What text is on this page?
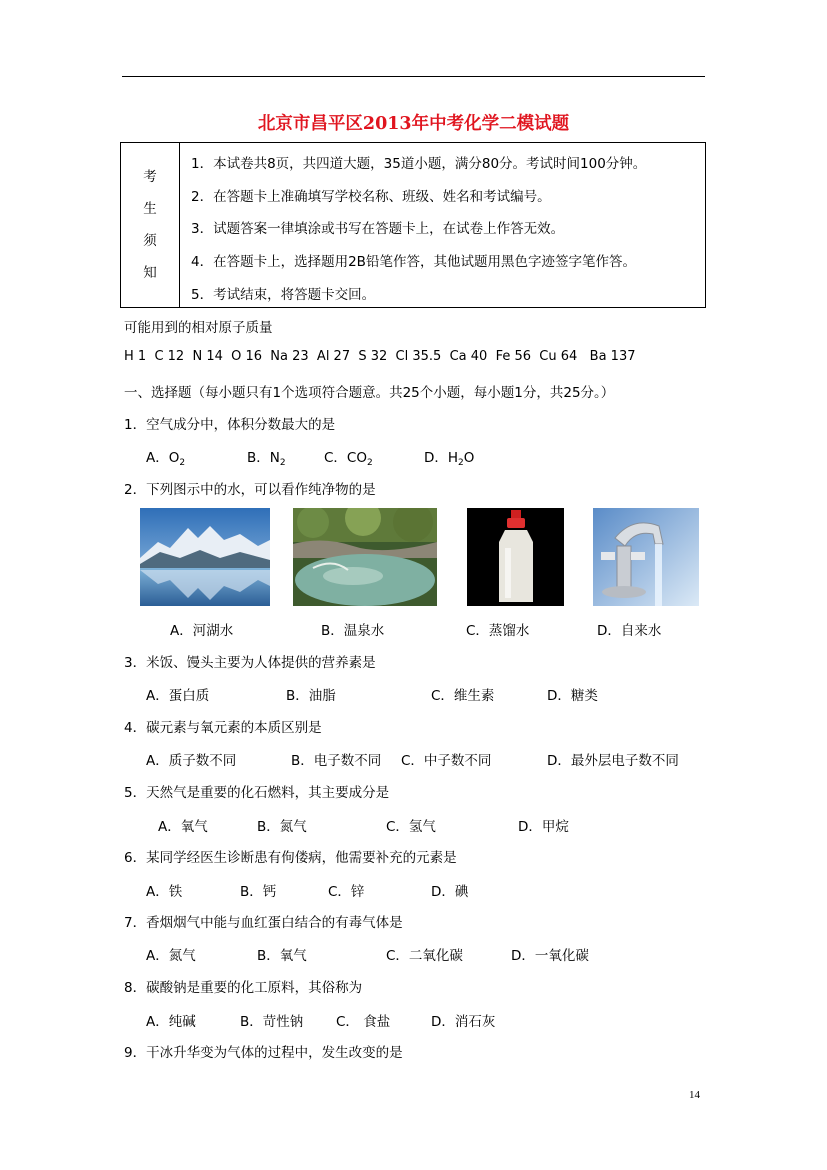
北京市昌平区2013年中考化学二模试题
考
生
须
知
1．本试卷共8页，共四道大题，35道小题，满分80分。考试时间100分钟。
2．在答题卡上准确填写学校名称、班级、姓名和考试编号。
3．试题答案一律填涂或书写在答题卡上，在试卷上作答无效。
4．在答题卡上，选择题用2B铅笔作答，其他试题用黑色字迹签字笔作答。
5．考试结束，将答题卡交回。
可能用到的相对原子质量
H 1  C 12  N 14  O 16  Na 23  Al 27  S 32  Cl 35.5  Ca 40  Fe 56  Cu 64   Ba 137
一、选择题（每小题只有1个选项符合题意。共25个小题，每小题1分，共25分。）
1．空气成分中，体积分数最大的是
A．$O_2$	B．$N_2$	C．$CO_2$	D．$H_2O$
2．下列图示中的水，可以看作纯净物的是
A．河湖水	B．温泉水	C．蒸馏水	D．自来水
3．米饭、馒头主要为人体提供的营养素是
A．蛋白质	B．油脂	C．维生素	D．糖类
4．碳元素与氧元素的本质区别是
A．质子数不同	B．电子数不同 C．中子数不同	D．最外层电子数不同
5．天然气是重要的化石燃料，其主要成分是
A．氧气	B．氮气	C．氢气	D．甲烷
6．某同学经医生诊断患有佝偻病，他需要补充的元素是
A．铁	B．钙	C．锌	D．碘
7．香烟烟气中能与血红蛋白结合的有毒气体是
A．氮气	B．氧气	C．二氧化碳	D．一氧化碳
8．碳酸钠是重要的化工原料，其俗称为
A．纯碱	B．苛性钠 C． 食盐	D．消石灰
9．干冰升华变为气体的过程中，发生改变的是
14
